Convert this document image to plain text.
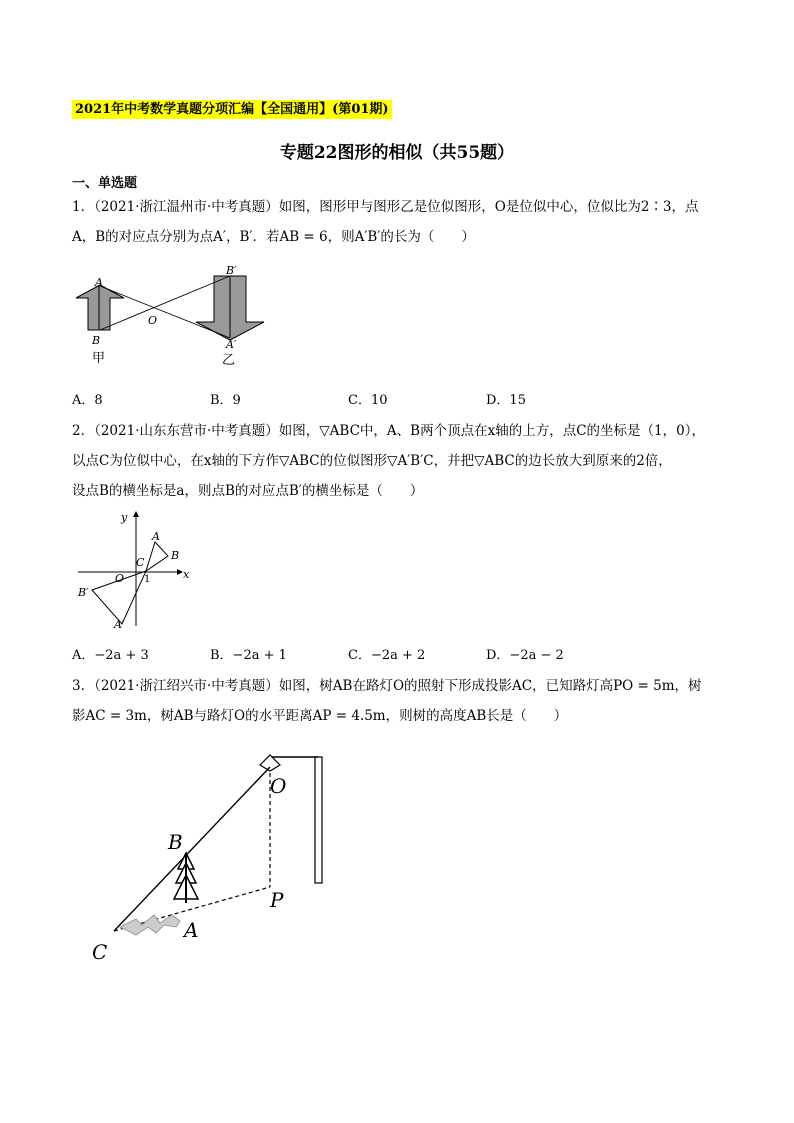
2021年中考数学真题分项汇编【全国通用】(第01期)
专题22图形的相似（共55题）
一、单选题
1．（2021·浙江温州市·中考真题）如图，图形甲与图形乙是位似图形，O是位似中心，位似比为2∶3，点
A，B的对应点分别为点A′，B′．若AB = 6，则A′B′的长为（　　）
A
B
O
B′
A′
甲	乙
A．8	B．9	C．10	D．15
2．（2021·山东东营市·中考真题）如图，▽ABC中，A、B两个顶点在x轴的上方，点C的坐标是（1，0），
以点C为位似中心，在x轴的下方作▽ABC的位似图形▽A′B′C，并把▽ABC的边长放大到原来的2倍，
设点B的横坐标是a，则点B的对应点B′的横坐标是（　　）
y
x
O 1
A
B
C
B′
A′
A．−2a + 3	B．−2a + 1	C．−2a + 2	D．−2a − 2
3．（2021·浙江绍兴市·中考真题）如图，树AB在路灯O的照射下形成投影AC，已知路灯高PO = 5m，树
影AC = 3m，树AB与路灯O的水平距离AP = 4.5m，则树的高度AB长是（　　）
O
B
P
A
C
